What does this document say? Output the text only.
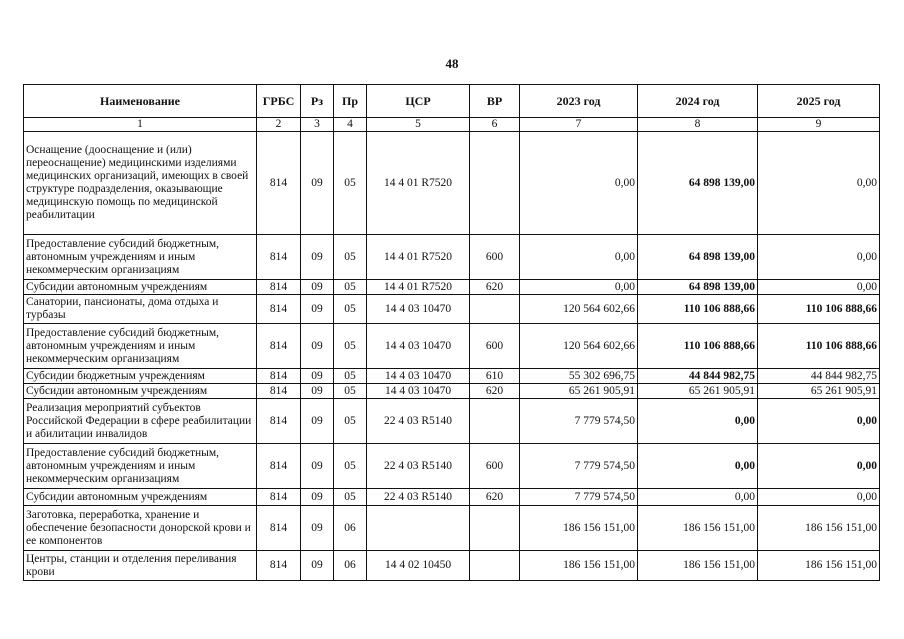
48
Наименование	ГРБС	Рз	Пр	ЦСР	ВР	2023 год	2024 год	2025 год
1	2	3	4	5	6	7	8	9
Оснащение (дооснащение и (или) переоснащение) медицинскими изделиями медицинских организаций, имеющих в своей структуре подразделения, оказывающие медицинскую помощь по медицинской реабилитации	814	09	05	14 4 01 R7520		0,00	64 898 139,00	0,00
Предоставление субсидий бюджетным, автономным учреждениям и иным некоммерческим организациям	814	09	05	14 4 01 R7520	600	0,00	64 898 139,00	0,00
Субсидии автономным учреждениям	814	09	05	14 4 01 R7520	620	0,00	64 898 139,00	0,00
Санатории, пансионаты, дома отдыха и турбазы	814	09	05	14 4 03 10470		120 564 602,66	110 106 888,66	110 106 888,66
Предоставление субсидий бюджетным, автономным учреждениям и иным некоммерческим организациям	814	09	05	14 4 03 10470	600	120 564 602,66	110 106 888,66	110 106 888,66
Субсидии бюджетным учреждениям	814	09	05	14 4 03 10470	610	55 302 696,75	44 844 982,75	44 844 982,75
Субсидии автономным учреждениям	814	09	05	14 4 03 10470	620	65 261 905,91	65 261 905,91	65 261 905,91
Реализация мероприятий субъектов Российской Федерации в сфере реабилитации и абилитации инвалидов	814	09	05	22 4 03 R5140		7 779 574,50	0,00	0,00
Предоставление субсидий бюджетным, автономным учреждениям и иным некоммерческим организациям	814	09	05	22 4 03 R5140	600	7 779 574,50	0,00	0,00
Субсидии автономным учреждениям	814	09	05	22 4 03 R5140	620	7 779 574,50	0,00	0,00
Заготовка, переработка, хранение и обеспечение безопасности донорской крови и ее компонентов	814	09	06			186 156 151,00	186 156 151,00	186 156 151,00
Центры, станции и отделения переливания крови	814	09	06	14 4 02 10450		186 156 151,00	186 156 151,00	186 156 151,00
